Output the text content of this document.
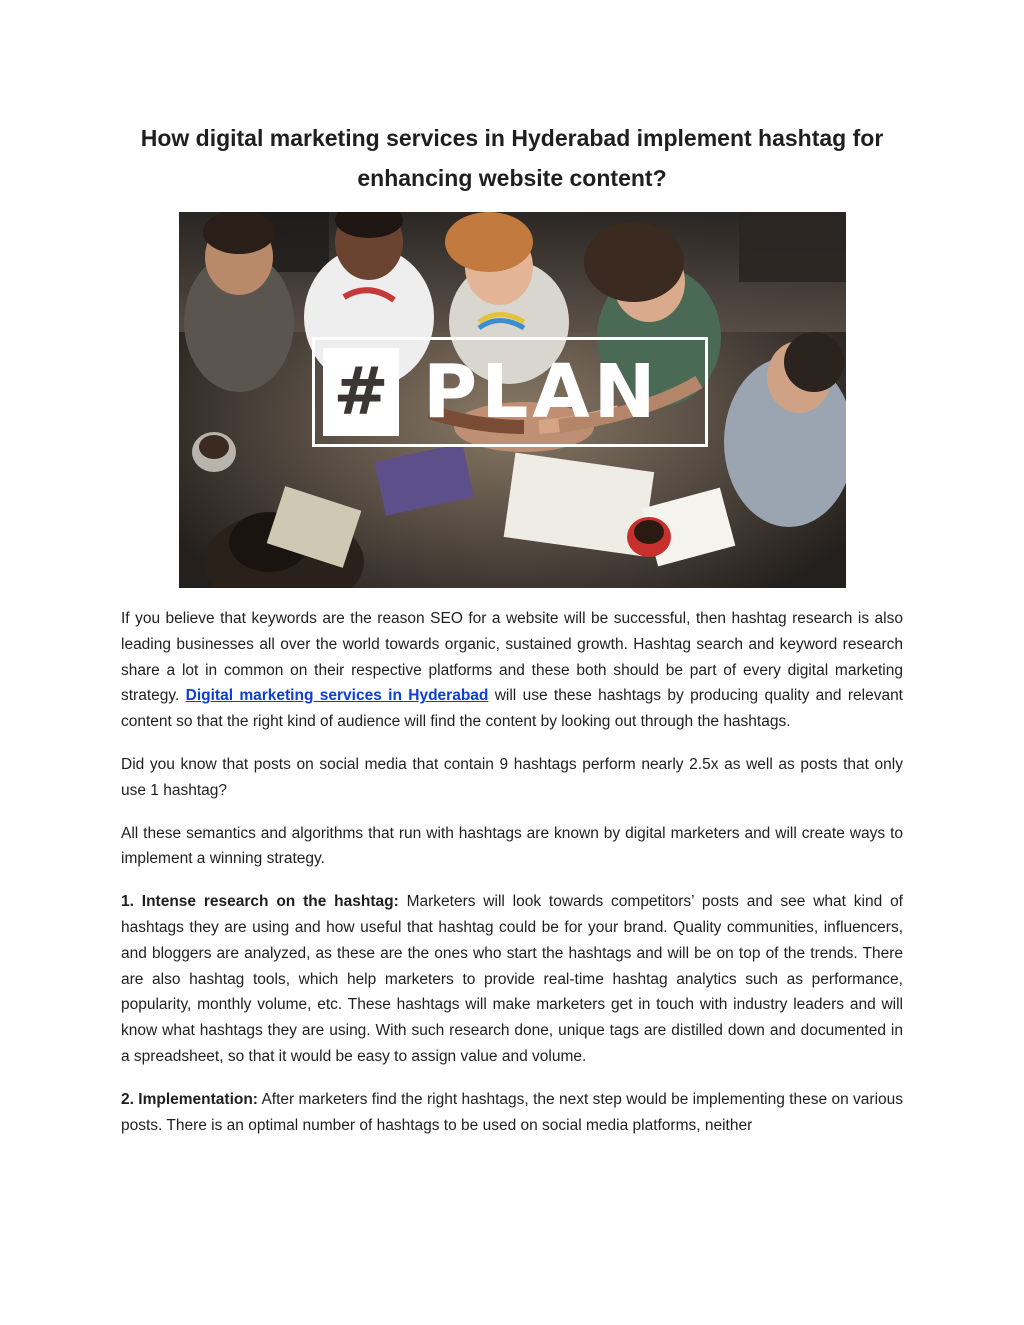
How digital marketing services in Hyderabad implement hashtag for enhancing website content?
# PLAN

If you believe that keywords are the reason SEO for a website will be successful, then hashtag research is also leading businesses all over the world towards organic, sustained growth. Hashtag search and keyword research share a lot in common on their respective platforms and these both should be part of every digital marketing strategy. Digital marketing services in Hyderabad will use these hashtags by producing quality and relevant content so that the right kind of audience will find the content by looking out through the hashtags.

Did you know that posts on social media that contain 9 hashtags perform nearly 2.5x as well as posts that only use 1 hashtag?

All these semantics and algorithms that run with hashtags are known by digital marketers and will create ways to implement a winning strategy.

1. Intense research on the hashtag: Marketers will look towards competitors’ posts and see what kind of hashtags they are using and how useful that hashtag could be for your brand. Quality communities, influencers, and bloggers are analyzed, as these are the ones who start the hashtags and will be on top of the trends. There are also hashtag tools, which help marketers to provide real-time hashtag analytics such as performance, popularity, monthly volume, etc. These hashtags will make marketers get in touch with industry leaders and will know what hashtags they are using. With such research done, unique tags are distilled down and documented in a spreadsheet, so that it would be easy to assign value and volume.

2. Implementation: After marketers find the right hashtags, the next step would be implementing these on various posts. There is an optimal number of hashtags to be used on social media platforms, neither
